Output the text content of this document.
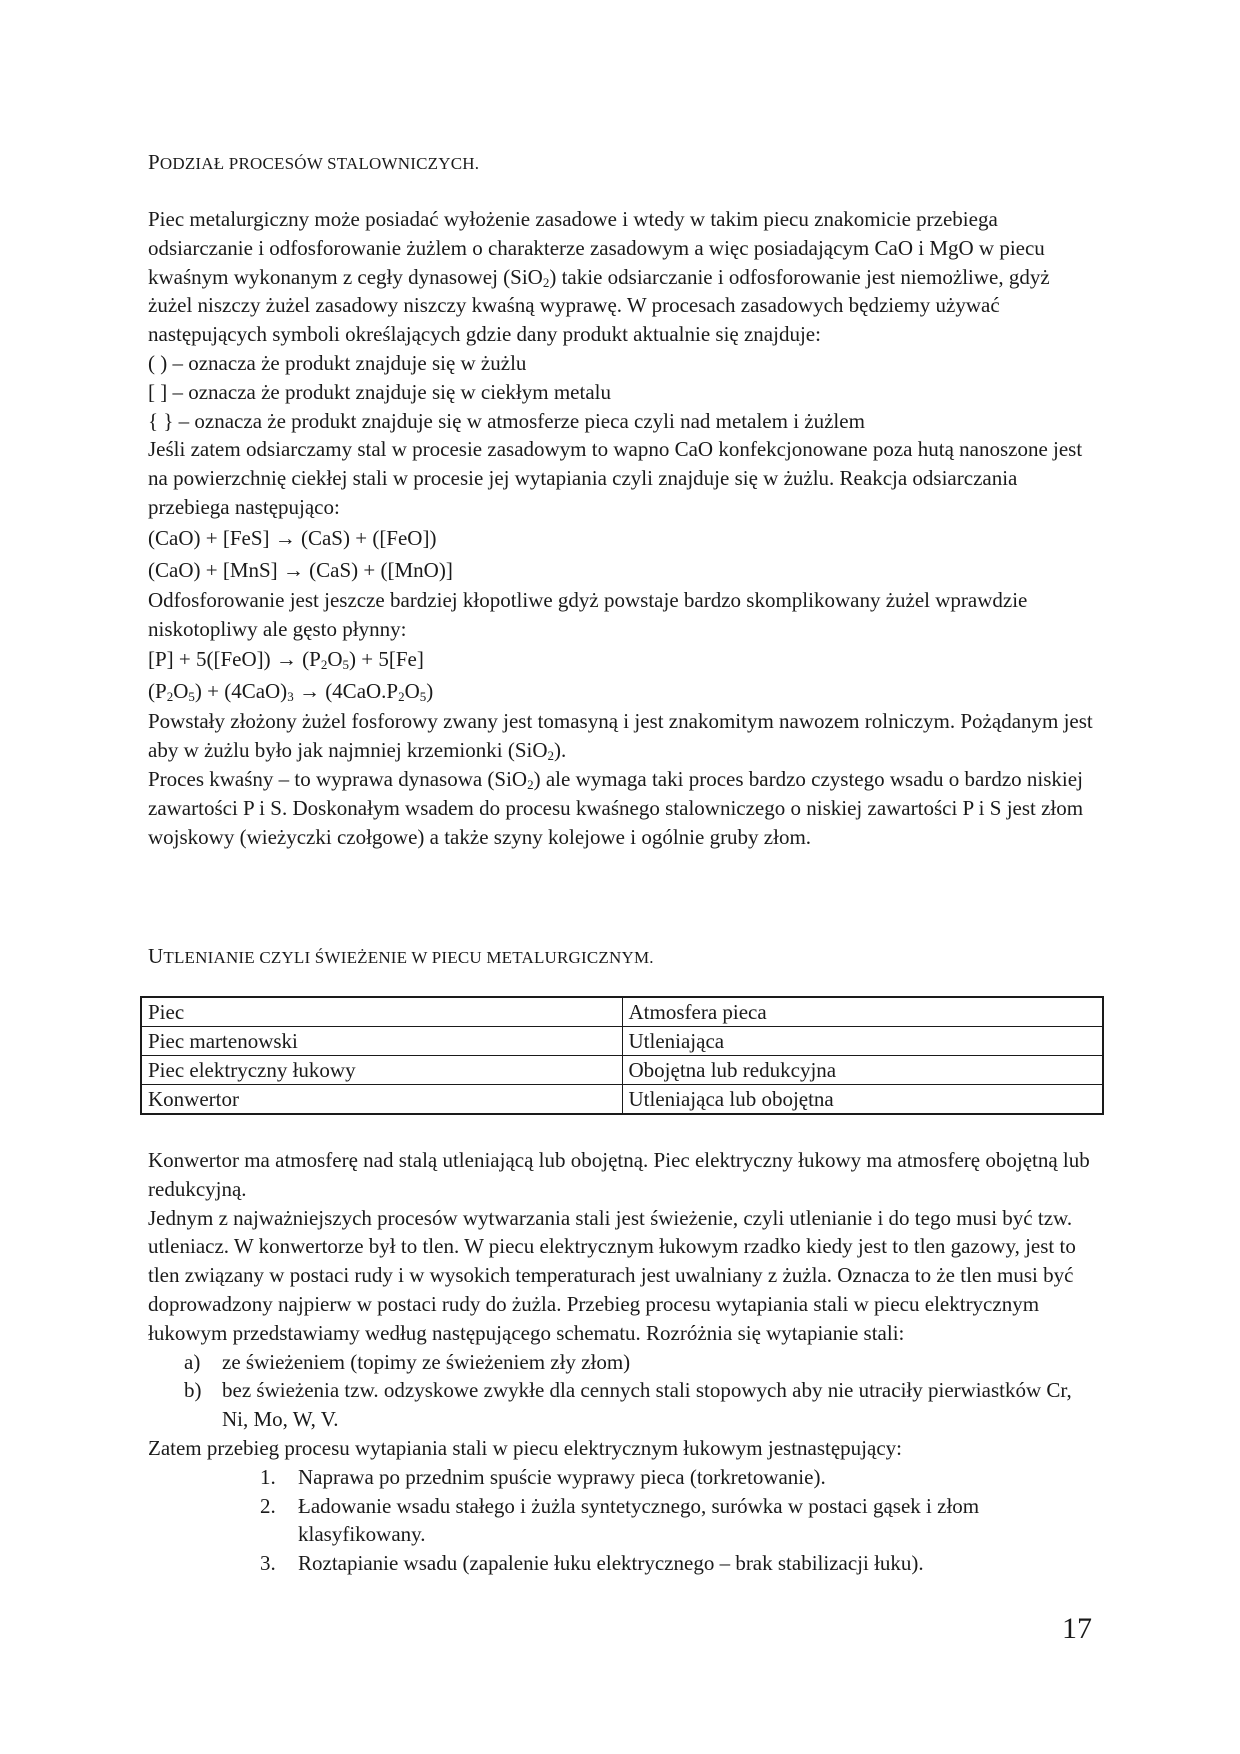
PODZIAŁ PROCESÓW STALOWNICZYCH.

Piec metalurgiczny może posiadać wyłożenie zasadowe i wtedy w takim piecu znakomicie przebiega odsiarczanie i odfosforowanie żużlem o charakterze zasadowym a więc posiadającym CaO i MgO w piecu kwaśnym wykonanym z cegły dynasowej (SiO$_2$) takie odsiarczanie i odfosforowanie jest niemożliwe, gdyż żużel niszczy żużel zasadowy niszczy kwaśną wyprawę. W procesach zasadowych będziemy używać następujących symboli określających gdzie dany produkt aktualnie się znajduje:

( ) – oznacza że produkt znajduje się w żużlu

[ ] – oznacza że produkt znajduje się w ciekłym metalu

{ } – oznacza że produkt znajduje się w atmosferze pieca czyli nad metalem i żużlem

Jeśli zatem odsiarczamy stal w procesie zasadowym to wapno CaO konfekcjonowane poza hutą nanoszone jest na powierzchnię ciekłej stali w procesie jej wytapiania czyli znajduje się w żużlu. Reakcja odsiarczania przebiega następująco:

(CaO) + [FeS] → (CaS) + ([FeO])

(CaO) + [MnS] → (CaS) + ([MnO)]

Odfosforowanie jest jeszcze bardziej kłopotliwe gdyż powstaje bardzo skomplikowany żużel wprawdzie niskotopliwy ale gęsto płynny:

$[P] + 5([FeO]) \to (P_2O_5) + 5[Fe]$

$(P_2O_5) + (4CaO)_3 \to (4CaO.P_2O_5)$

Powstały złożony żużel fosforowy zwany jest tomasyną i jest znakomitym nawozem rolniczym. Pożądanym jest aby w żużlu było jak najmniej krzemionki (SiO$_2$).

Proces kwaśny – to wyprawa dynasowa (SiO$_2$) ale wymaga taki proces bardzo czystego wsadu o bardzo niskiej zawartości P i S. Doskonałym wsadem do procesu kwaśnego stalowniczego o niskiej zawartości P i S jest złom wojskowy (wieżyczki czołgowe) a także szyny kolejowe i ogólnie gruby złom.

UTLENIANIE CZYLI ŚWIEŻENIE W PIECU METALURGICZNYM.
Piec	Atmosfera pieca
Piec martenowski	Utleniająca
Piec elektryczny łukowy	Obojętna lub redukcyjna
Konwertor	Utleniająca lub obojętna

Konwertor ma atmosferę nad stalą utleniającą lub obojętną. Piec elektryczny łukowy ma atmosferę obojętną lub redukcyjną.

Jednym z najważniejszych procesów wytwarzania stali jest świeżenie, czyli utlenianie i do tego musi być tzw. utleniacz. W konwertorze był to tlen. W piecu elektrycznym łukowym rzadko kiedy jest to tlen gazowy, jest to tlen związany w postaci rudy i w wysokich temperaturach jest uwalniany z żużla. Oznacza to że tlen musi być doprowadzony najpierw w postaci rudy do żużla. Przebieg procesu wytapiania stali w piecu elektrycznym łukowym przedstawiamy według następującego schematu. Rozróżnia się wytapianie stali:

a) ze świeżeniem (topimy ze świeżeniem zły złom)
b) bez świeżenia tzw. odzyskowe zwykłe dla cennych stali stopowych aby nie utraciły pierwiastków Cr, Ni, Mo, W, V.

Zatem przebieg procesu wytapiania stali w piecu elektrycznym łukowym jestnastępujący:

1. Naprawa po przednim spuście wyprawy pieca (torkretowanie).
2. Ładowanie wsadu stałego i żużla syntetycznego, surówka w postaci gąsek i złom klasyfikowany.
3. Roztapianie wsadu (zapalenie łuku elektrycznego – brak stabilizacji łuku).
17
